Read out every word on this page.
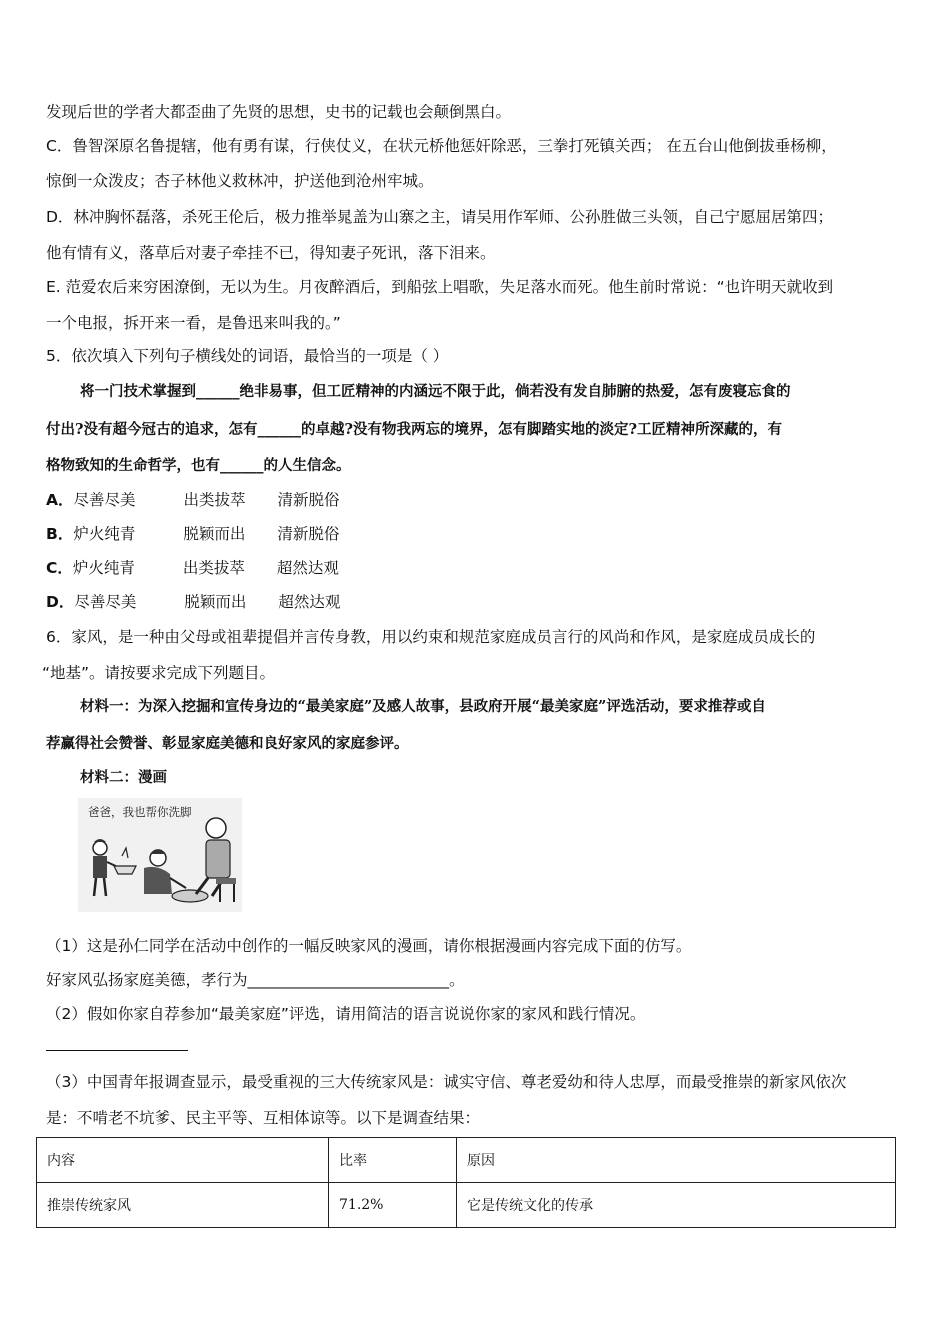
发现后世的学者大都歪曲了先贤的思想，史书的记载也会颠倒黑白。
C．鲁智深原名鲁提辖，他有勇有谋，行侠仗义，在状元桥他惩奸除恶，三拳打死镇关西； 在五台山他倒拔垂杨柳，
惊倒一众泼皮；杏子林他义救林冲，护送他到沧州牢城。
D．林冲胸怀磊落，杀死王伦后，极力推举晁盖为山寨之主，请吴用作军师、公孙胜做三头领，自己宁愿屈居第四；
他有情有义，落草后对妻子牵挂不已，得知妻子死讯，落下泪来。
E. 范爱农后来穷困潦倒，无以为生。月夜醉酒后，到船弦上唱歌，失足落水而死。他生前时常说：“也许明天就收到
一个电报，拆开来一看，是鲁迅来叫我的。”
5．依次填入下列句子横线处的词语，最恰当的一项是（ ）
将一门技术掌握到______绝非易事，但工匠精神的内涵远不限于此，倘若没有发自肺腑的热爱，怎有废寝忘食的
付出?没有超今冠古的追求，怎有______的卓越?没有物我两忘的境界，怎有脚踏实地的淡定?工匠精神所深藏的，有
格物致知的生命哲学，也有______的人生信念。
A．尽善尽美	出类拔萃 清新脱俗
B．炉火纯青	脱颖而出 清新脱俗
C．炉火纯青	出类拔萃 超然达观
D．尽善尽美	脱颖而出 超然达观
6．家风，是一种由父母或祖辈提倡并言传身教，用以约束和规范家庭成员言行的风尚和作风，是家庭成员成长的
“地基”。请按要求完成下列题目。
材料一：为深入挖掘和宣传身边的“最美家庭”及感人故事，县政府开展“最美家庭”评选活动，要求推荐或自
荐赢得社会赞誉、彰显家庭美德和良好家风的家庭参评。
材料二：漫画
爸爸，我也帮你洗脚
（1）这是孙仁同学在活动中创作的一幅反映家风的漫画，请你根据漫画内容完成下面的仿写。
好家风弘扬家庭美德，孝行为__________________________。
（2）假如你家自荐参加“最美家庭”评选，请用简洁的语言说说你家的家风和践行情况。
（3）中国青年报调查显示，最受重视的三大传统家风是：诚实守信、尊老爱幼和待人忠厚，而最受推崇的新家风依次
是：不啃老不坑爹、民主平等、互相体谅等。以下是调查结果：
内容	比率	原因
推崇传统家风	71.2%	它是传统文化的传承
